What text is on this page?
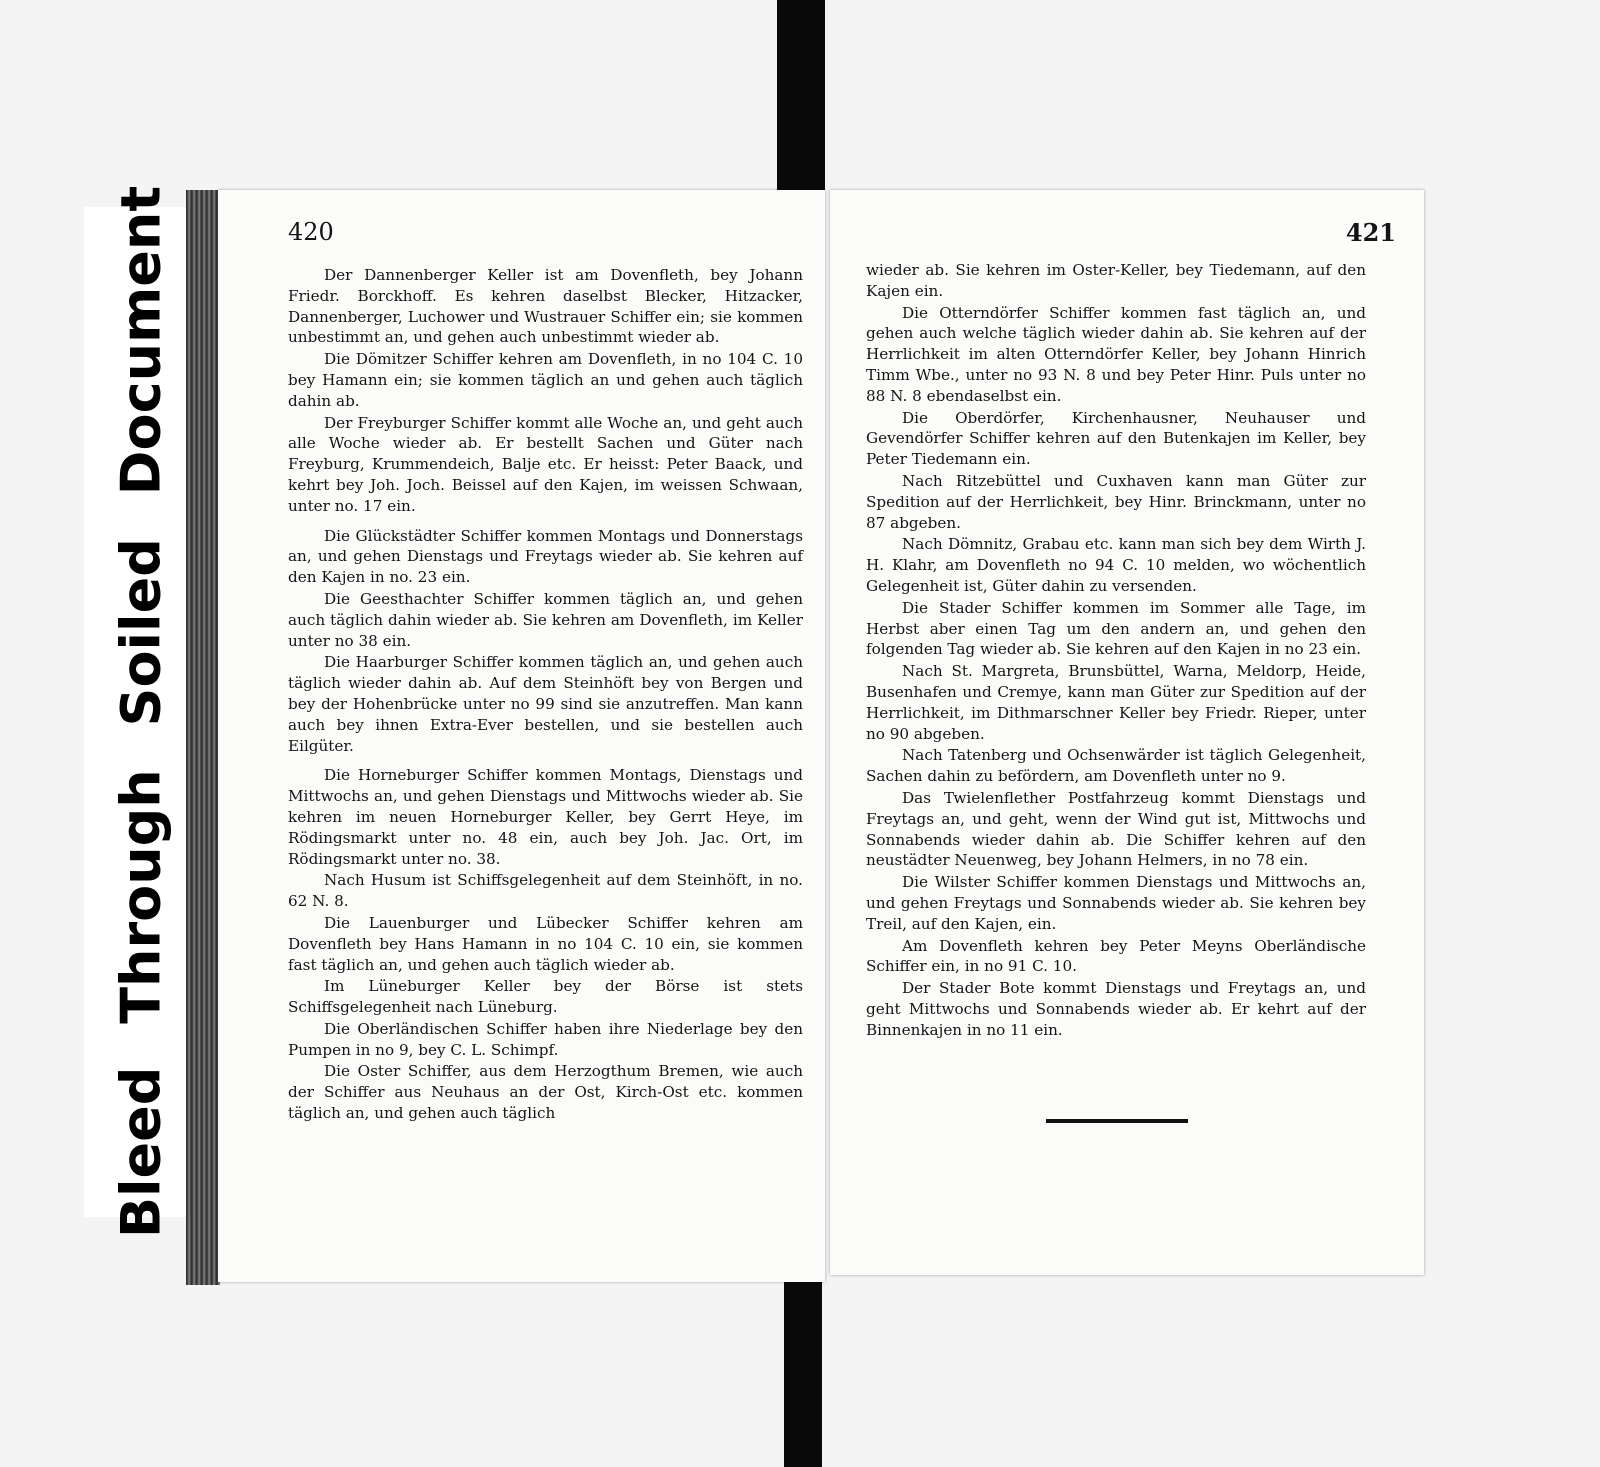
Bleed Through Soiled Document	420

Der Dannenberger Keller ist am Dovenfleth, bey Johann Friedr. Borckhoff. Es kehren daselbst Blecker, Hitzacker, Dannenberger, Luchower und Wustrauer Schiffer ein; sie kommen unbestimmt an, und gehen auch unbestimmt wieder ab.

Die Dömitzer Schiffer kehren am Dovenfleth, in no 104 C. 10 bey Hamann ein; sie kommen täglich an und gehen auch täglich dahin ab.

Der Freyburger Schiffer kommt alle Woche an, und geht auch alle Woche wieder ab. Er bestellt Sachen und Güter nach Freyburg, Krummendeich, Balje etc. Er heisst: Peter Baack, und kehrt bey Joh. Joch. Beissel auf den Kajen, im weissen Schwaan, unter no. 17 ein.

Die Glückstädter Schiffer kommen Montags und Donnerstags an, und gehen Dienstags und Freytags wieder ab. Sie kehren auf den Kajen in no. 23 ein.

Die Geesthachter Schiffer kommen täglich an, und gehen auch täglich dahin wieder ab. Sie kehren am Dovenfleth, im Keller unter no 38 ein.

Die Haarburger Schiffer kommen täglich an, und gehen auch täglich wieder dahin ab. Auf dem Steinhöft bey von Bergen und bey der Hohenbrücke unter no 99 sind sie anzutreffen. Man kann auch bey ihnen Extra-Ever bestellen, und sie bestellen auch Eilgüter.

Die Horneburger Schiffer kommen Montags, Dienstags und Mittwochs an, und gehen Dienstags und Mittwochs wieder ab. Sie kehren im neuen Horneburger Keller, bey Gerrt Heye, im Rödingsmarkt unter no. 48 ein, auch bey Joh. Jac. Ort, im Rödingsmarkt unter no. 38.

Nach Husum ist Schiffsgelegenheit auf dem Steinhöft, in no. 62 N. 8.

Die Lauenburger und Lübecker Schiffer kehren am Dovenfleth bey Hans Hamann in no 104 C. 10 ein, sie kommen fast täglich an, und gehen auch täglich wieder ab.

Im Lüneburger Keller bey der Börse ist stets Schiffsgelegenheit nach Lüneburg.

Die Oberländischen Schiffer haben ihre Niederlage bey den Pumpen in no 9, bey C. L. Schimpf.

Die Oster Schiffer, aus dem Herzogthum Bremen, wie auch der Schiffer aus Neuhaus an der Ost, Kirch-Ost etc. kommen täglich an, und gehen auch täglich

421

wieder ab. Sie kehren im Oster-Keller, bey Tiedemann, auf den Kajen ein.

Die Otterndörfer Schiffer kommen fast täglich an, und gehen auch welche täglich wieder dahin ab. Sie kehren auf der Herrlichkeit im alten Otterndörfer Keller, bey Johann Hinrich Timm Wbe., unter no 93 N. 8 und bey Peter Hinr. Puls unter no 88 N. 8 ebendaselbst ein.

Die Oberdörfer, Kirchenhausner, Neuhauser und Gevendörfer Schiffer kehren auf den Butenkajen im Keller, bey Peter Tiedemann ein.

Nach Ritzebüttel und Cuxhaven kann man Güter zur Spedition auf der Herrlichkeit, bey Hinr. Brinckmann, unter no 87 abgeben.

Nach Dömnitz, Grabau etc. kann man sich bey dem Wirth J. H. Klahr, am Dovenfleth no 94 C. 10 melden, wo wöchentlich Gelegenheit ist, Güter dahin zu versenden.

Die Stader Schiffer kommen im Sommer alle Tage, im Herbst aber einen Tag um den andern an, und gehen den folgenden Tag wieder ab. Sie kehren auf den Kajen in no 23 ein.

Nach St. Margreta, Brunsbüttel, Warna, Meldorp, Heide, Busenhafen und Cremye, kann man Güter zur Spedition auf der Herrlichkeit, im Dithmarschner Keller bey Friedr. Rieper, unter no 90 abgeben.

Nach Tatenberg und Ochsenwärder ist täglich Gelegenheit, Sachen dahin zu befördern, am Dovenfleth unter no 9.

Das Twielenflether Postfahrzeug kommt Dienstags und Freytags an, und geht, wenn der Wind gut ist, Mittwochs und Sonnabends wieder dahin ab. Die Schiffer kehren auf den neustädter Neuenweg, bey Johann Helmers, in no 78 ein.

Die Wilster Schiffer kommen Dienstags und Mittwochs an, und gehen Freytags und Sonnabends wieder ab. Sie kehren bey Treil, auf den Kajen, ein.

Am Dovenfleth kehren bey Peter Meyns Oberländische Schiffer ein, in no 91 C. 10.

Der Stader Bote kommt Dienstags und Freytags an, und geht Mittwochs und Sonnabends wieder ab. Er kehrt auf der Binnenkajen in no 11 ein.
